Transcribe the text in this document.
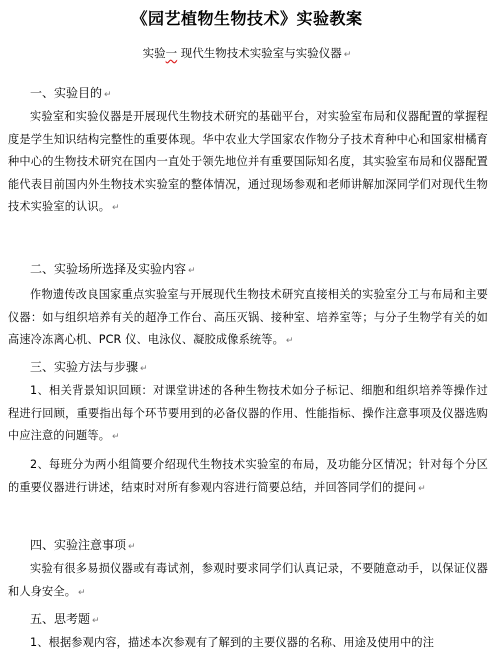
《园艺植物生物技术》实验教案
实验一 现代生物技术实验室与实验仪器 ↵
一、实验目的 ↵
实验室和实验仪器是开展现代生物技术研究的基础平台，对实验室布局和仪器配置的掌握程度是学生知识结构完整性的重要体现。华中农业大学国家农作物分子技术育种中心和国家柑橘育种中心的生物技术研究在国内一直处于领先地位并有重要国际知名度，其实验室布局和仪器配置能代表目前国内外生物技术实验室的整体情况，通过现场参观和老师讲解加深同学们对现代生物技术实验室的认识。 ↵
二、实验场所选择及实验内容 ↵
作物遗传改良国家重点实验室与开展现代生物技术研究直接相关的实验室分工与布局和主要仪器：如与组织培养有关的超净工作台、高压灭锅、接种室、培养室等；与分子生物学有关的如高速冷冻离心机、PCR 仪、电泳仪、凝胶成像系统等。 ↵
三、实验方法与步骤 ↵
1、相关背景知识回顾：对课堂讲述的各种生物技术如分子标记、细胞和组织培养等操作过程进行回顾，重要指出每个环节要用到的必备仪器的作用、性能指标、操作注意事项及仪器选购中应注意的问题等。 ↵
2、每班分为两小组简要介绍现代生物技术实验室的布局，及功能分区情况；针对每个分区的重要仪器进行讲述，结束时对所有参观内容进行简要总结，并回答同学们的提问 ↵
四、实验注意事项 ↵
实验有很多易损仪器或有毒试剂，参观时要求同学们认真记录，不要随意动手，以保证仪器和人身安全。 ↵
五、思考题 ↵
1、根据参观内容，描述本次参观有了解到的主要仪器的名称、用途及使用中的注
